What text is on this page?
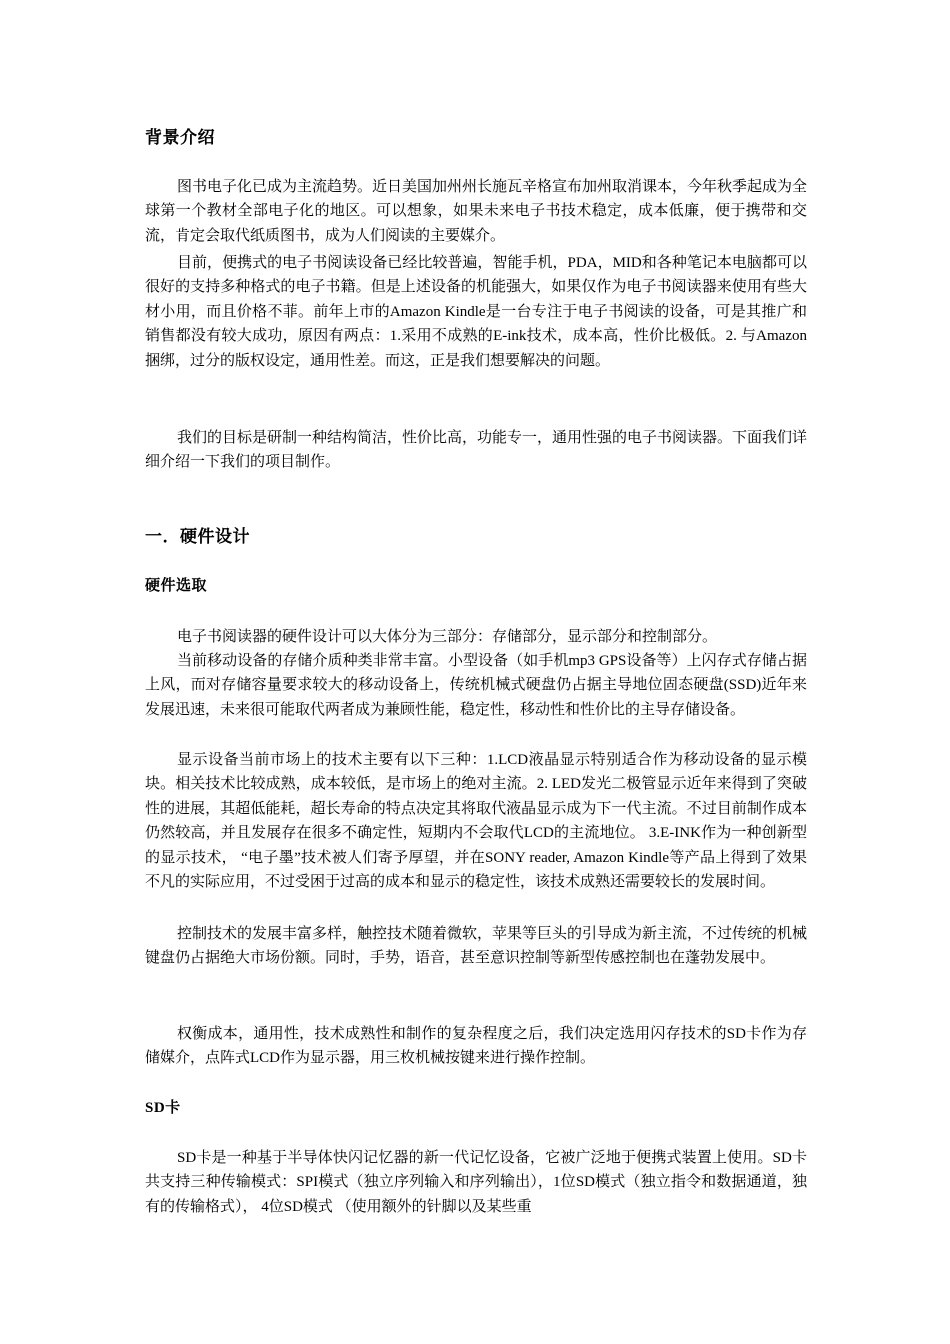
背景介绍

图书电子化已成为主流趋势。近日美国加州州长施瓦辛格宣布加州取消课本，今年秋季起成为全球第一个教材全部电子化的地区。可以想象，如果未来电子书技术稳定，成本低廉，便于携带和交流，肯定会取代纸质图书，成为人们阅读的主要媒介。

目前，便携式的电子书阅读设备已经比较普遍，智能手机，PDA，MID和各种笔记本电脑都可以很好的支持多种格式的电子书籍。但是上述设备的机能强大，如果仅作为电子书阅读器来使用有些大材小用，而且价格不菲。前年上市的Amazon Kindle是一台专注于电子书阅读的设备，可是其推广和销售都没有较大成功，原因有两点：1.采用不成熟的E-ink技术，成本高，性价比极低。2. 与Amazon捆绑，过分的版权设定，通用性差。而这，正是我们想要解决的问题。

我们的目标是研制一种结构简洁，性价比高，功能专一，通用性强的电子书阅读器。下面我们详细介绍一下我们的项目制作。

一．硬件设计
硬件选取

电子书阅读器的硬件设计可以大体分为三部分：存储部分，显示部分和控制部分。

当前移动设备的存储介质种类非常丰富。小型设备（如手机mp3 GPS设备等）上闪存式存储占据上风，而对存储容量要求较大的移动设备上，传统机械式硬盘仍占据主导地位固态硬盘(SSD)近年来发展迅速，未来很可能取代两者成为兼顾性能，稳定性，移动性和性价比的主导存储设备。

显示设备当前市场上的技术主要有以下三种：1.LCD液晶显示特别适合作为移动设备的显示模块。相关技术比较成熟，成本较低，是市场上的绝对主流。2. LED发光二极管显示近年来得到了突破性的进展，其超低能耗，超长寿命的特点决定其将取代液晶显示成为下一代主流。不过目前制作成本仍然较高，并且发展存在很多不确定性，短期内不会取代LCD的主流地位。 3.E-INK作为一种创新型的显示技术， “电子墨”技术被人们寄予厚望，并在SONY reader, Amazon Kindle等产品上得到了效果不凡的实际应用，不过受困于过高的成本和显示的稳定性，该技术成熟还需要较长的发展时间。

控制技术的发展丰富多样，触控技术随着微软，苹果等巨头的引导成为新主流，不过传统的机械键盘仍占据绝大市场份额。同时，手势，语音，甚至意识控制等新型传感控制也在蓬勃发展中。

权衡成本，通用性，技术成熟性和制作的复杂程度之后，我们决定选用闪存技术的SD卡作为存储媒介，点阵式LCD作为显示器，用三枚机械按键来进行操作控制。

SD卡

SD卡是一种基于半导体快闪记忆器的新一代记忆设备，它被广泛地于便携式装置上使用。SD卡共支持三种传输模式：SPI模式（独立序列输入和序列输出），1位SD模式（独立指令和数据通道，独有的传输格式）， 4位SD模式 （使用额外的针脚以及某些重
